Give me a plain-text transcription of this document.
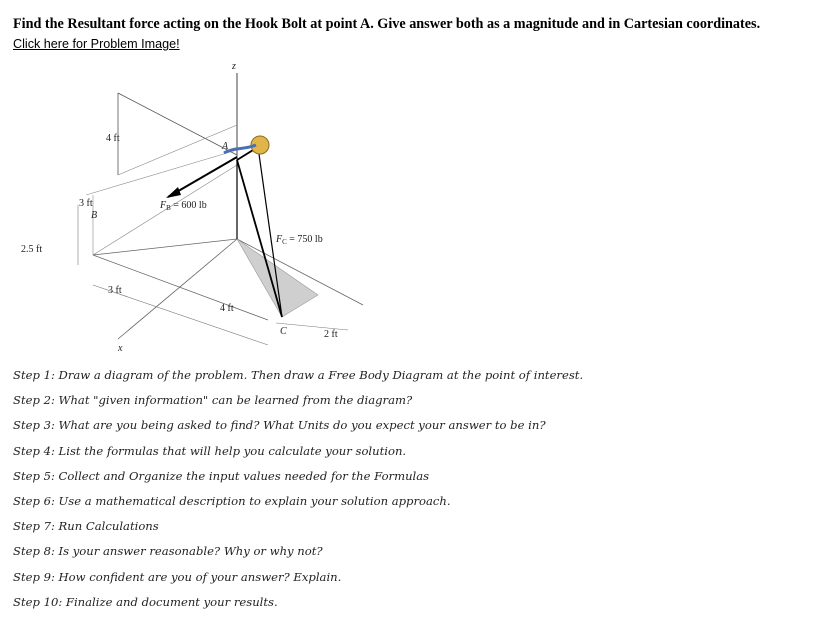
Find the Resultant force acting on the Hook Bolt at point A. Give answer both as a magnitude and in Cartesian coordinates.
Click here for Problem Image!
z
x
A
B
C
4 ft
3 ft
2.5 ft
3 ft
4 ft
2 ft
$F_B = 600$ lb
$F_C = 750$ lb
Step 1: Draw a diagram of the problem. Then draw a Free Body Diagram at the point of interest.
Step 2: What "given information" can be learned from the diagram?
Step 3: What are you being asked to find? What Units do you expect your answer to be in?
Step 4: List the formulas that will help you calculate your solution.
Step 5: Collect and Organize the input values needed for the Formulas
Step 6: Use a mathematical description to explain your solution approach.
Step 7: Run Calculations
Step 8: Is your answer reasonable? Why or why not?
Step 9: How confident are you of your answer? Explain.
Step 10: Finalize and document your results.
